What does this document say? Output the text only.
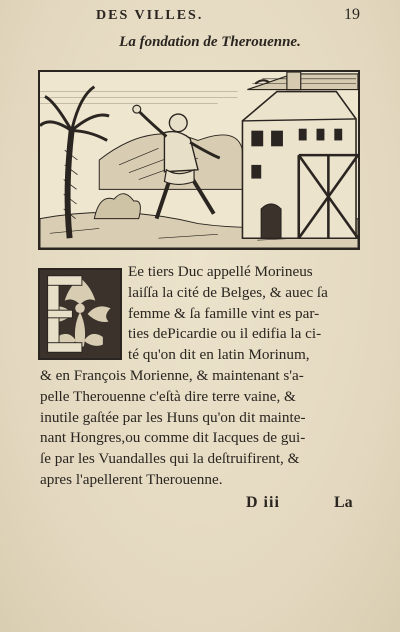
DES VILLES.	19
La fondation de Therouenne.
Ee tiers Duc appellé Morineus
laiſſa la cité de Belges, & auec ſa
femme & ſa famille vint es par-
ties dePicardie ou il edifia la ci-
té qu'on dit en latin Morinum,
& en François Morienne, & maintenant s'a-
pelle Therouenne c'eſtà dire terre vaine, &
inutile gaſtée par les Huns qu'on dit mainte-
nant Hongres,ou comme dit Iacques de gui-
ſe par les Vuandalles qui la deſtruifirent, &
apres l'apellerent Therouenne.
D iii	La
